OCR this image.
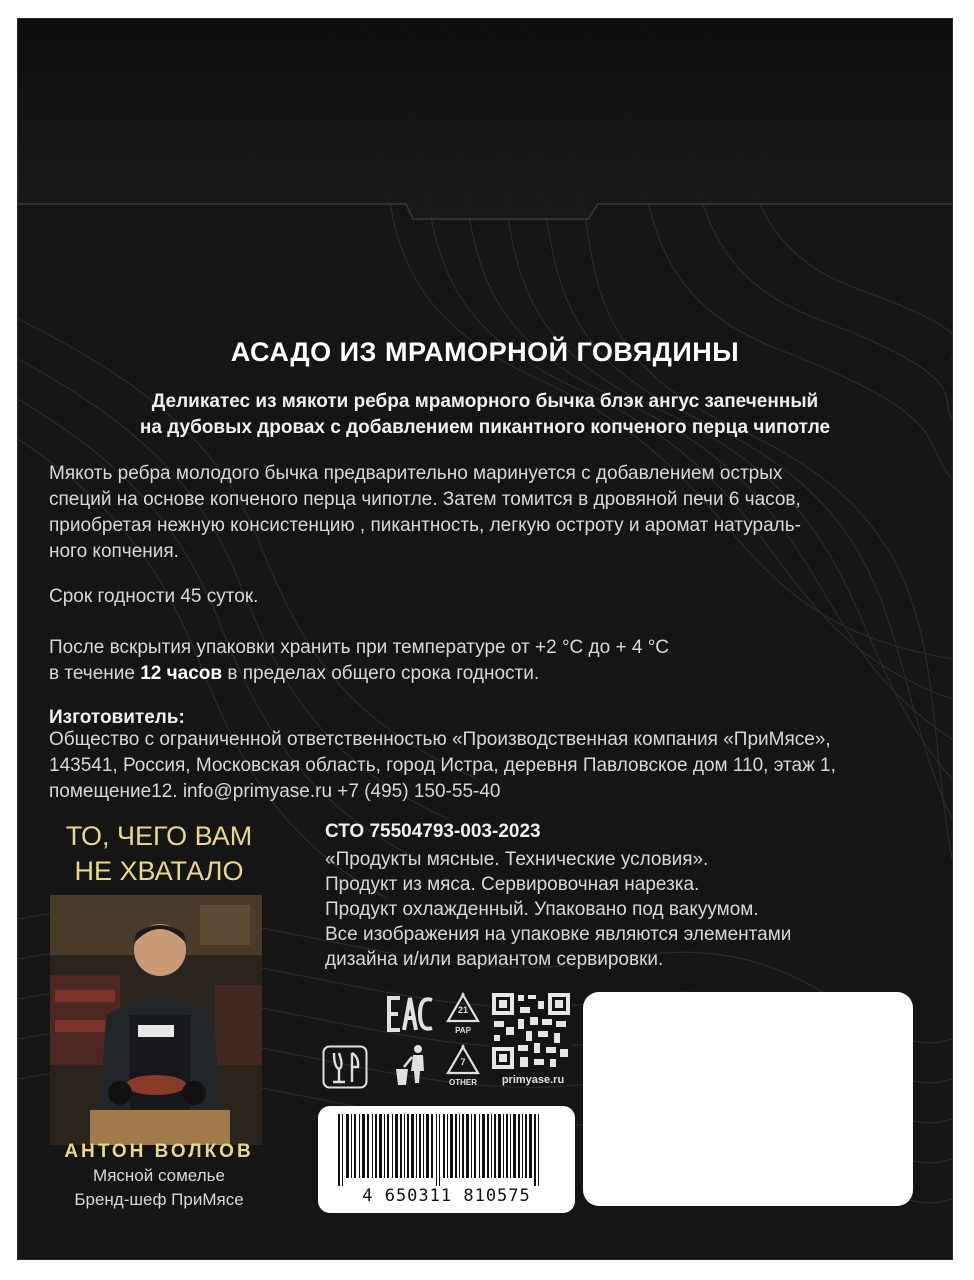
АСАДО ИЗ МРАМОРНОЙ ГОВЯДИНЫ
Деликатес из мякоти ребра мраморного бычка блэк ангус запеченный
на дубовых дровах с добавлением пикантного копченого перца чипотле
Мякоть ребра молодого бычка предварительно маринуется с добавлением острых
специй на основе копченого перца чипотле. Затем томится в дровяной печи 6 часов,
приобретая нежную консистенцию , пикантность, легкую остроту и аромат натураль-
ного копчения.
Срок годности 45 суток.
После вскрытия упаковки хранить при температуре от +2 °C до + 4 °C
в течение 12 часов в пределах общего срока годности.
Изготовитель:
Общество с ограниченной ответственностью «Производственная компания «ПриМясе»,
143541, Россия, Московская область, город Истра, деревня Павловское дом 110, этаж 1,
помещение12. info@primyase.ru +7 (495) 150-55-40
ТО, ЧЕГО ВАМ
НЕ ХВАТАЛО
АНТОН ВОЛКОВ
Мясной сомелье
Бренд-шеф ПриМясе
СТО 75504793-003-2023
«Продукты мясные. Технические условия».
Продукт из мяса. Сервировочная нарезка.
Продукт охлажденный. Упаковано под вакуумом.
Все изображения на упаковке являются элементами
дизайна и/или вариантом сервировки.
21
PAP
primyase.ru
7
OTHER
4 650311 810575
